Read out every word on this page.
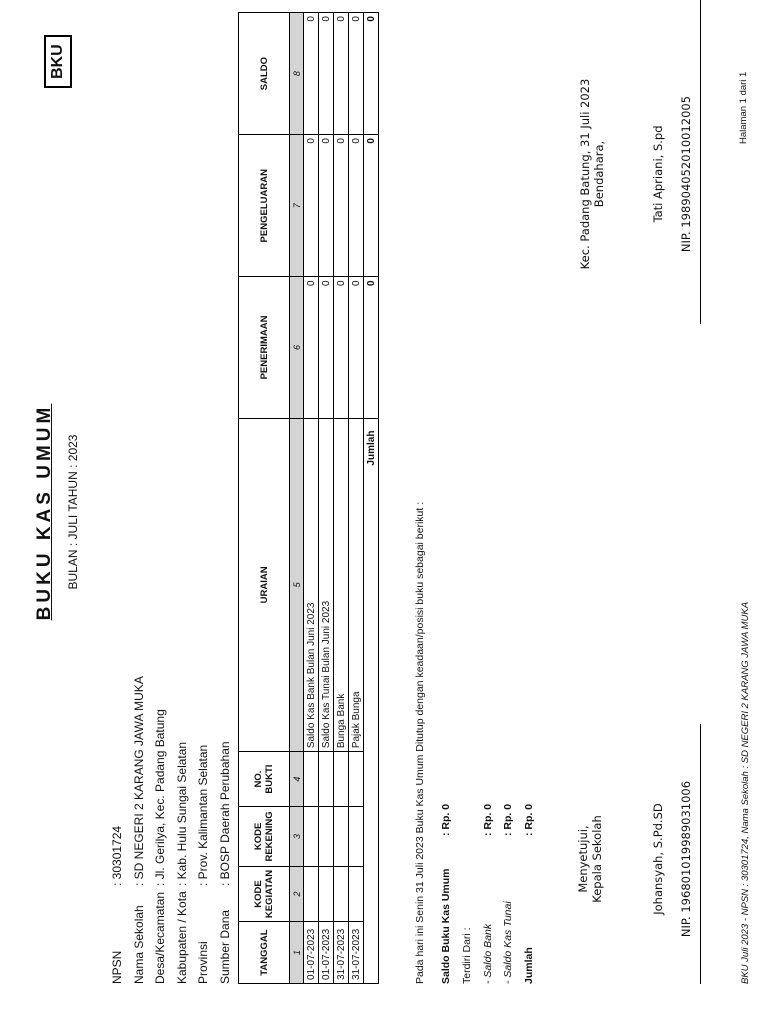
BUKU KAS UMUM BULAN : JULI TAHUN : 2023
BKU
NPSN
: 30301724
Nama Sekolah
: SD NEGERI 2 KARANG JAWA MUKA
Desa/Kecamatan
: Jl. Gerilya, Kec. Padang Batung
Kabupaten / Kota
: Kab. Hulu Sungai Selatan
Provinsi
: Prov. Kalimantan Selatan
Sumber Dana
: BOSP Daerah Perubahan
TANGGAL	KODE KEGIATAN	KODE REKENING	NO. BUKTI	URAIAN	PENERIMAAN	PENGELUARAN	SALDO
1	2	3	4	5	6	7	8
01-07-2023				Saldo Kas Bank Bulan Juni 2023	0	0	0
01-07-2023				Saldo Kas Tunai Bulan Juni 2023	0	0	0
31-07-2023				Bunga Bank	0	0	0
31-07-2023				Pajak Bunga	0	0	0
Jumlah					0	0	0
Pada hari ini Senin 31 Juli 2023 Buku Kas Umum Ditutup dengan keadaan/posisi buku sebagai berikut : Saldo Buku Kas Umum
: Rp. 0
Terdiri Dari : - Saldo Bank
: Rp. 0
- Saldo Kas Tunai
: Rp. 0
Jumlah
: Rp. 0
Menyetujui, Kepala Sekolah	Johansyah, S.Pd.SD NIP. 196801019989031006
Kec. Padang Batung, 31 Juli 2023 Bendahara,	Tati Apriani, S.pd NIP. 198904052010012005
BKU Juli 2023 - NPSN : 30301724, Nama Sekolah : SD NEGERI 2 KARANG JAWA MUKA
Halaman 1 dari 1
